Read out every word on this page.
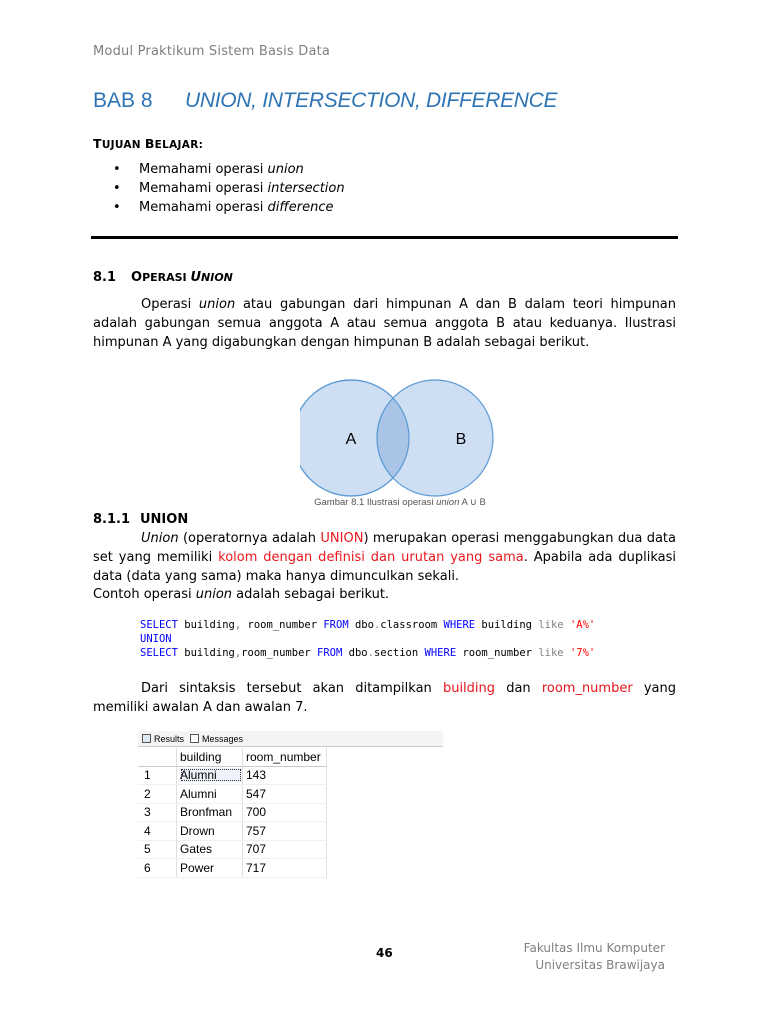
Modul Praktikum Sistem Basis Data
BAB 8 UNION, INTERSECTION, DIFFERENCE
TUJUAN BELAJAR:
• Memahami operasi union
• Memahami operasi intersection
• Memahami operasi difference
8.1 OPERASI UNION
Operasi union atau gabungan dari himpunan A dan B dalam teori himpunan adalah gabungan semua anggota A atau semua anggota B atau keduanya. Ilustrasi himpunan A yang digabungkan dengan himpunan B adalah sebagai berikut.
A	B
Gambar 8.1 Ilustrasi operasi union A ∪ B
8.1.1 UNION
Union (operatornya adalah UNION) merupakan operasi menggabungkan dua data set yang memiliki kolom dengan definisi dan urutan yang sama. Apabila ada duplikasi data (data yang sama) maka hanya dimunculkan sekali.
Contoh operasi union adalah sebagai berikut.
SELECT building, room_number FROM dbo.classroom WHERE building like 'A%'
UNION
SELECT building,room_number FROM dbo.section WHERE room_number like '7%'
Dari sintaksis tersebut akan ditampilkan building dan room_number yang memiliki awalan A dan awalan 7.
Results Messages
	building	room_number
1	Alumni	143
2	Alumni	547
3	Bronfman	700
4	Drown	757
5	Gates	707
6	Power	717
46	Fakultas Ilmu Komputer
Universitas Brawijaya
